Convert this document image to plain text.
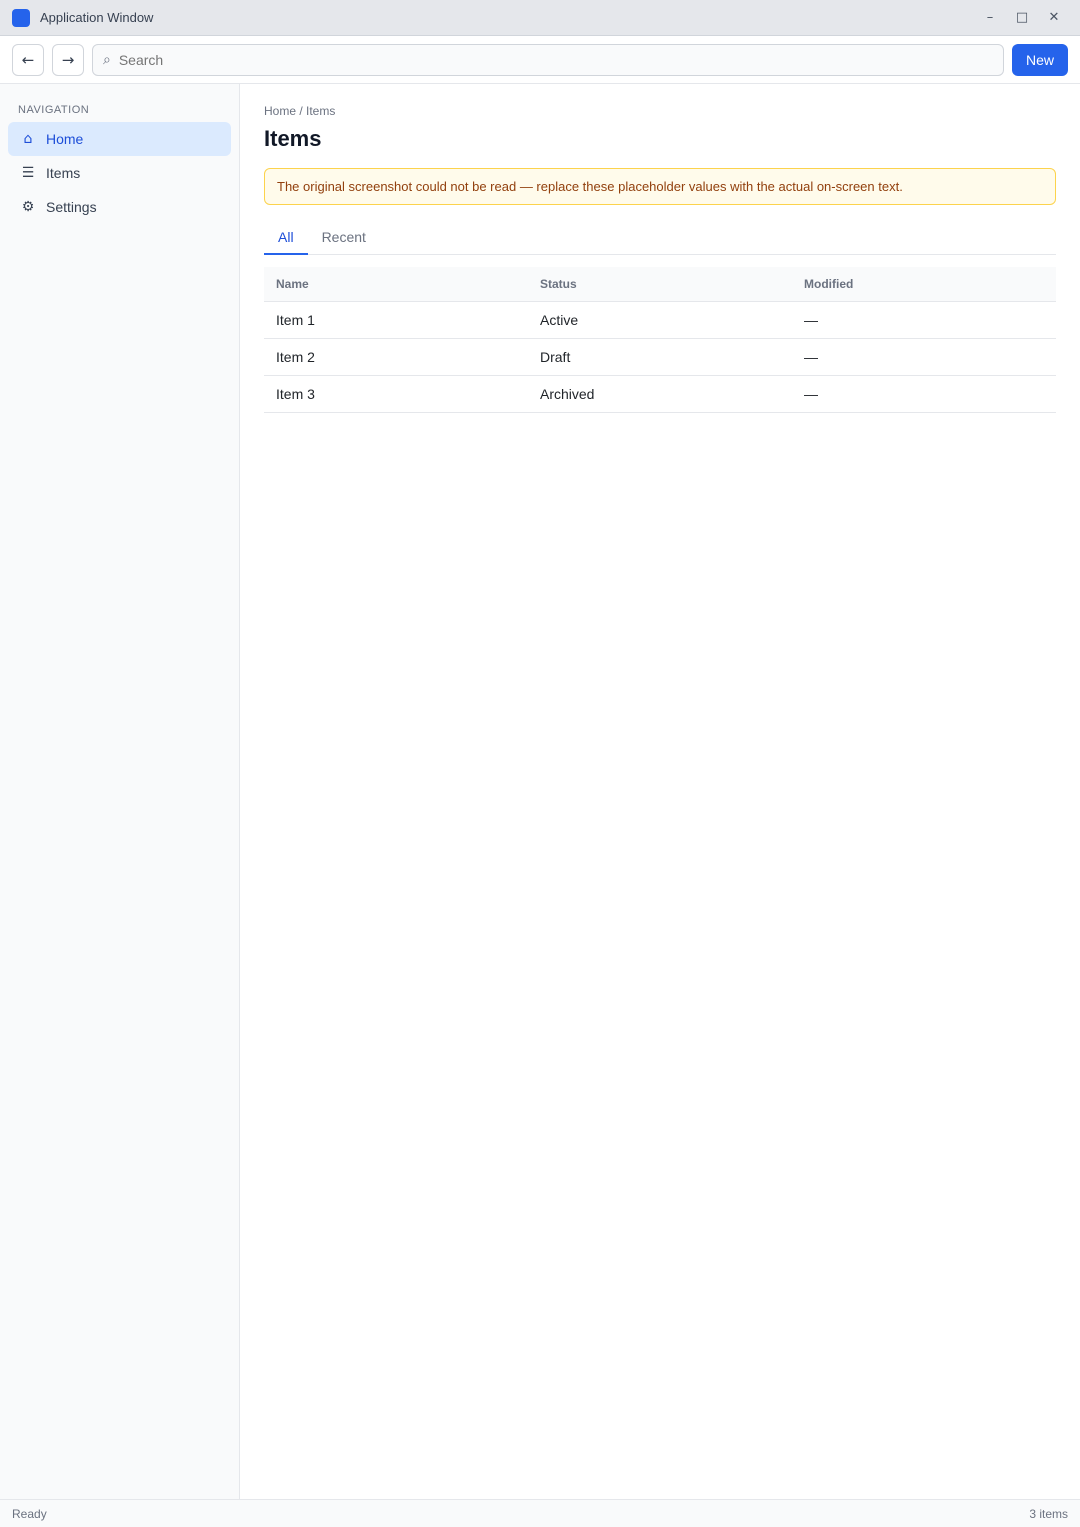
Application Window	–	□	✕
←	→	⌕
Search	New
NAVIGATION
⌂ Home
☰ Items
⚙ Settings
Home / Items
Items
The original screenshot could not be read — replace these placeholder values with the actual on-screen text.
All	Recent
Name	Status	Modified
Item 1	Active	—
Item 2	Draft	—
Item 3	Archived	—
Ready	3 items
